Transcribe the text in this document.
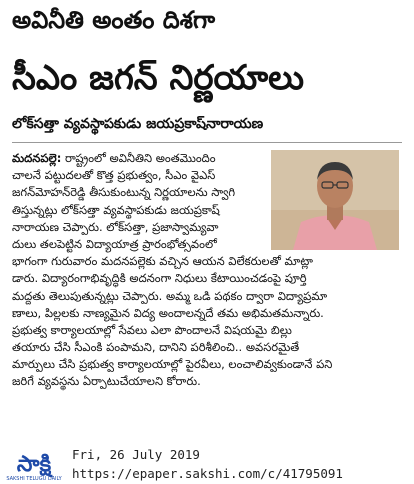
అవినీతి అంతం దిశగా
సీఎం జగన్ నిర్ణయాలు
లోక్‌సత్తా వ్యవస్థాపకుడు జయప్రకాష్‌నారాయణ
మదనపల్లె: రాష్ట్రంలో అవినీతిని అంతమొందిం
చాలనే పట్టుదలతో కొత్త ప్రభుత్వం, సీఎం వైఎస్
జగన్‌మోహన్‌రెడ్డి తీసుకుంటున్న నిర్ణయాలను స్వాగి
తిస్తున్నట్లు లోక్‌సత్తా వ్యవస్థాపకుడు జయప్రకాష్
నారాయణ చెప్పారు. లోక్‌సత్తా, ప్రజాస్వామ్యవా
దులు తలపెట్టిన విద్యాయాత్ర ప్రారంభోత్సవంలో
భాగంగా గురువారం మదనపల్లెకు వచ్చిన ఆయన విలేకరులతో మాట్లా
డారు. విద్యారంగాభివృద్ధికి అదనంగా నిధులు కేటాయించడంపై పూర్తి
మద్దతు తెలుపుతున్నట్లు చెప్పారు. అమ్మ ఒడి పథకం ద్వారా విద్యాప్రమా
ణాలు, పిల్లలకు నాణ్యమైన విద్య అందాలన్నదే తమ అభిమతమన్నారు.
ప్రభుత్వ కార్యాలయాల్లో సేవలు ఎలా పొందాలనే విషయమై బిల్లు
తయారు చేసి సీఎంకి పంపామని, దానిని పరిశీలించి.. అవసరమైతే
మార్పులు చేసి ప్రభుత్వ కార్యాలయాల్లో పైరవీలు, లంచాలివ్వకుండానే పని
జరిగే వ్యవస్థను ఏర్పాటుచేయాలని కోరారు.
సాక్షి
SAKSHI TELUGU DAILY
Fri, 26 July 2019
https://epaper.sakshi.com/c/41795091
